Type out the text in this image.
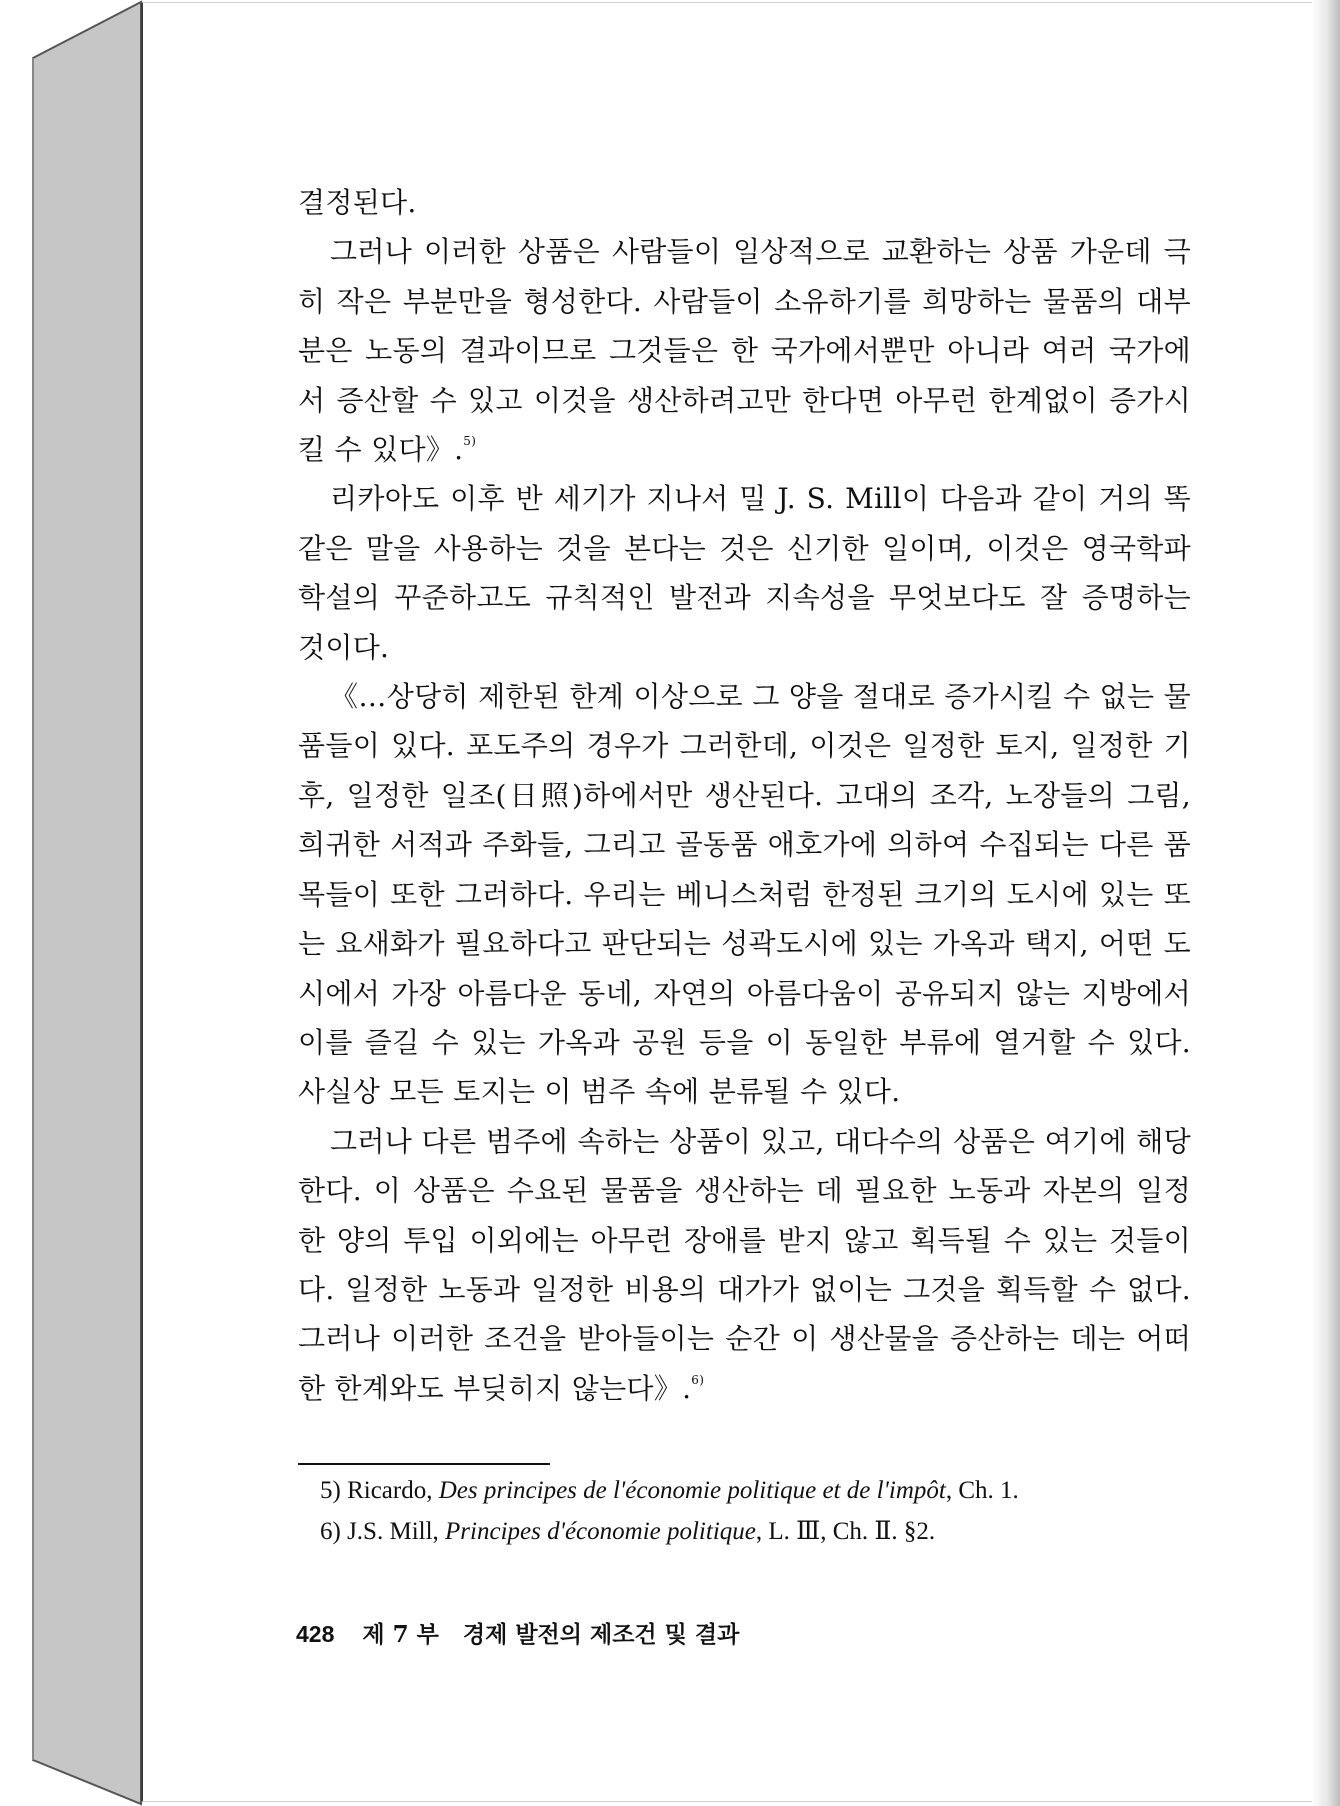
결정된다.

그러나 이러한 상품은 사람들이 일상적으로 교환하는 상품 가운데 극히 작은 부분만을 형성한다. 사람들이 소유하기를 희망하는 물품의 대부분은 노동의 결과이므로 그것들은 한 국가에서뿐만 아니라 여러 국가에서 증산할 수 있고 이것을 생산하려고만 한다면 아무런 한계없이 증가시킬 수 있다》.$^{5)}$

리카아도 이후 반 세기가 지나서 밀 J. S. Mill이 다음과 같이 거의 똑같은 말을 사용하는 것을 본다는 것은 신기한 일이며, 이것은 영국학파 학설의 꾸준하고도 규칙적인 발전과 지속성을 무엇보다도 잘 증명하는 것이다.

《…상당히 제한된 한계 이상으로 그 양을 절대로 증가시킬 수 없는 물품들이 있다. 포도주의 경우가 그러한데, 이것은 일정한 토지, 일정한 기후, 일정한 일조(日照)하에서만 생산된다. 고대의 조각, 노장들의 그림, 희귀한 서적과 주화들, 그리고 골동품 애호가에 의하여 수집되는 다른 품목들이 또한 그러하다. 우리는 베니스처럼 한정된 크기의 도시에 있는 또는 요새화가 필요하다고 판단되는 성곽도시에 있는 가옥과 택지, 어떤 도시에서 가장 아름다운 동네, 자연의 아름다움이 공유되지 않는 지방에서 이를 즐길 수 있는 가옥과 공원 등을 이 동일한 부류에 열거할 수 있다. 사실상 모든 토지는 이 범주 속에 분류될 수 있다.

그러나 다른 범주에 속하는 상품이 있고, 대다수의 상품은 여기에 해당한다. 이 상품은 수요된 물품을 생산하는 데 필요한 노동과 자본의 일정한 양의 투입 이외에는 아무런 장애를 받지 않고 획득될 수 있는 것들이다. 일정한 노동과 일정한 비용의 대가가 없이는 그것을 획득할 수 없다. 그러나 이러한 조건을 받아들이는 순간 이 생산물을 증산하는 데는 어떠한 한계와도 부딪히지 않는다》.$^{6)}$

5) Ricardo, Des principes de l'économie politique et de l'impôt, Ch. 1.

6) J.S. Mill, Principes d'économie politique, L. Ⅲ, Ch. Ⅱ. §2.

428 제 7 부 경제 발전의 제조건 및 결과
